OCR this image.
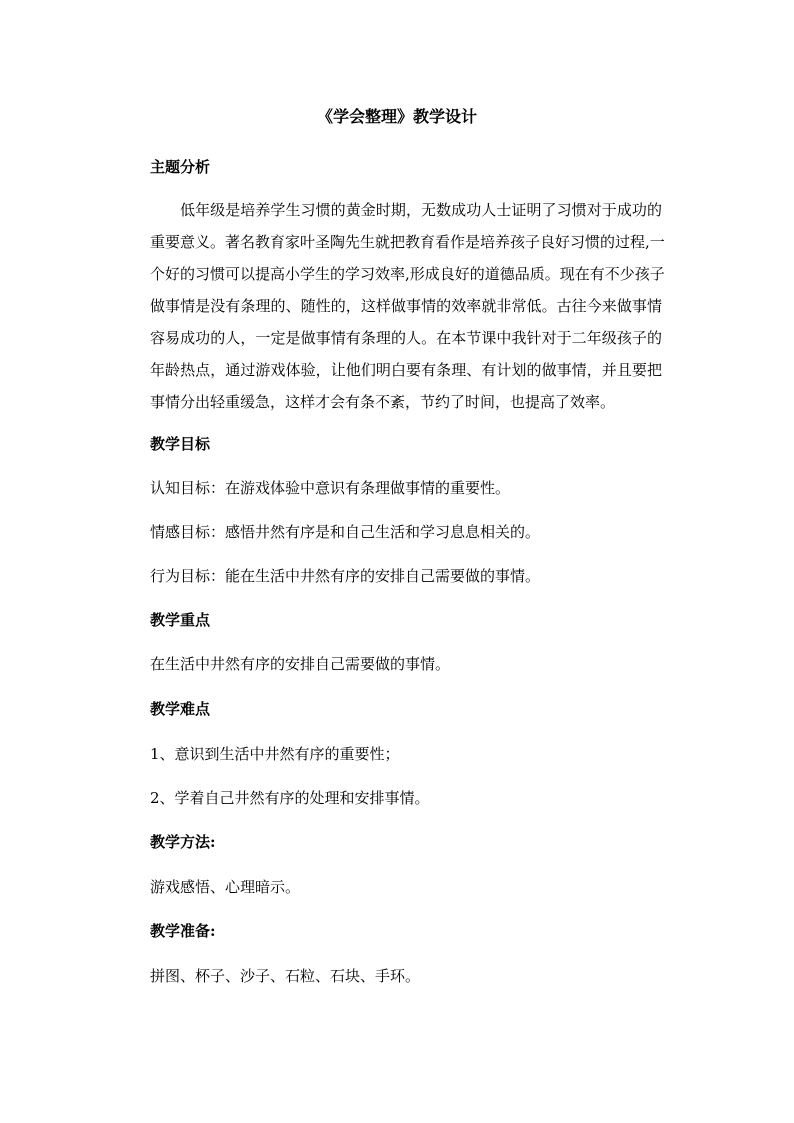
《学会整理》教学设计
主题分析
低年级是培养学生习惯的黄金时期，无数成功人士证明了习惯对于成功的
重要意义。著名教育家叶圣陶先生就把教育看作是培养孩子良好习惯的过程,一
个好的习惯可以提高小学生的学习效率,形成良好的道德品质。现在有不少孩子
做事情是没有条理的、随性的，这样做事情的效率就非常低。古往今来做事情
容易成功的人，一定是做事情有条理的人。在本节课中我针对于二年级孩子的
年龄热点，通过游戏体验，让他们明白要有条理、有计划的做事情，并且要把
事情分出轻重缓急，这样才会有条不紊，节约了时间，也提高了效率。
教学目标
认知目标：在游戏体验中意识有条理做事情的重要性。
情感目标：感悟井然有序是和自己生活和学习息息相关的。
行为目标：能在生活中井然有序的安排自己需要做的事情。
教学重点
在生活中井然有序的安排自己需要做的事情。
教学难点
1、意识到生活中井然有序的重要性；
2、学着自己井然有序的处理和安排事情。
教学方法:
游戏感悟、心理暗示。
教学准备:
拼图、杯子、沙子、石粒、石块、手环。
